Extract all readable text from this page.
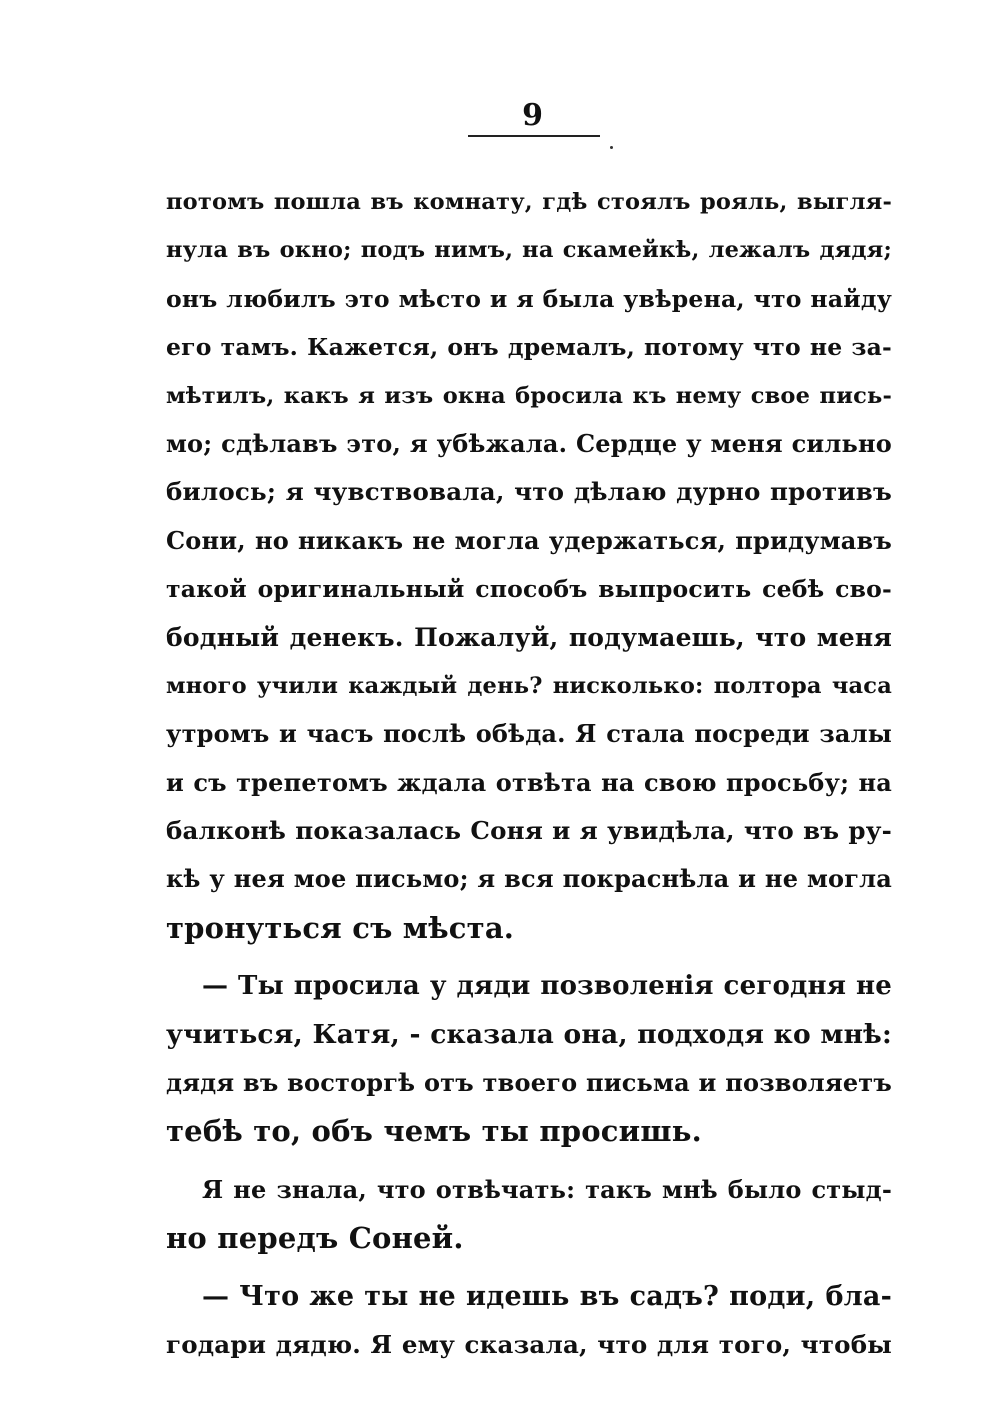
9
потомъ пошла въ комнату, гдѣ стоялъ рояль, выгля-
нула въ окно; подъ нимъ, на скамейкѣ, лежалъ дядя;
онъ любилъ это мѣсто и я была увѣрена, что найду
его тамъ. Кажется, онъ дремалъ, потому что не за-
мѣтилъ, какъ я изъ окна бросила къ нему свое пись-
мо; сдѣлавъ это, я убѣжала. Сердце у меня сильно
билось; я чувствовала, что дѣлаю дурно противъ
Сони, но никакъ не могла удержаться, придумавъ
такой оригинальный способъ выпросить себѣ сво-
бодный денекъ. Пожалуй, подумаешь, что меня
много учили каждый день? нисколько: полтора часа
утромъ и часъ послѣ обѣда. Я стала посреди залы
и съ трепетомъ ждала отвѣта на свою просьбу; на
балконѣ показалась Соня и я увидѣла, что въ ру-
кѣ у нея мое письмо; я вся покраснѣла и не могла
тронуться съ мѣста.
— Ты просила у дяди позволенія сегодня не
учиться, Катя, - сказала она, подходя ко мнѣ:
дядя въ восторгѣ отъ твоего письма и позволяетъ
тебѣ то, объ чемъ ты просишь.
Я не знала, что отвѣчать: такъ мнѣ было стыд-
но передъ Соней.
— Что же ты не идешь въ садъ? поди, бла-
годари дядю. Я ему сказала, что для того, чтобы
